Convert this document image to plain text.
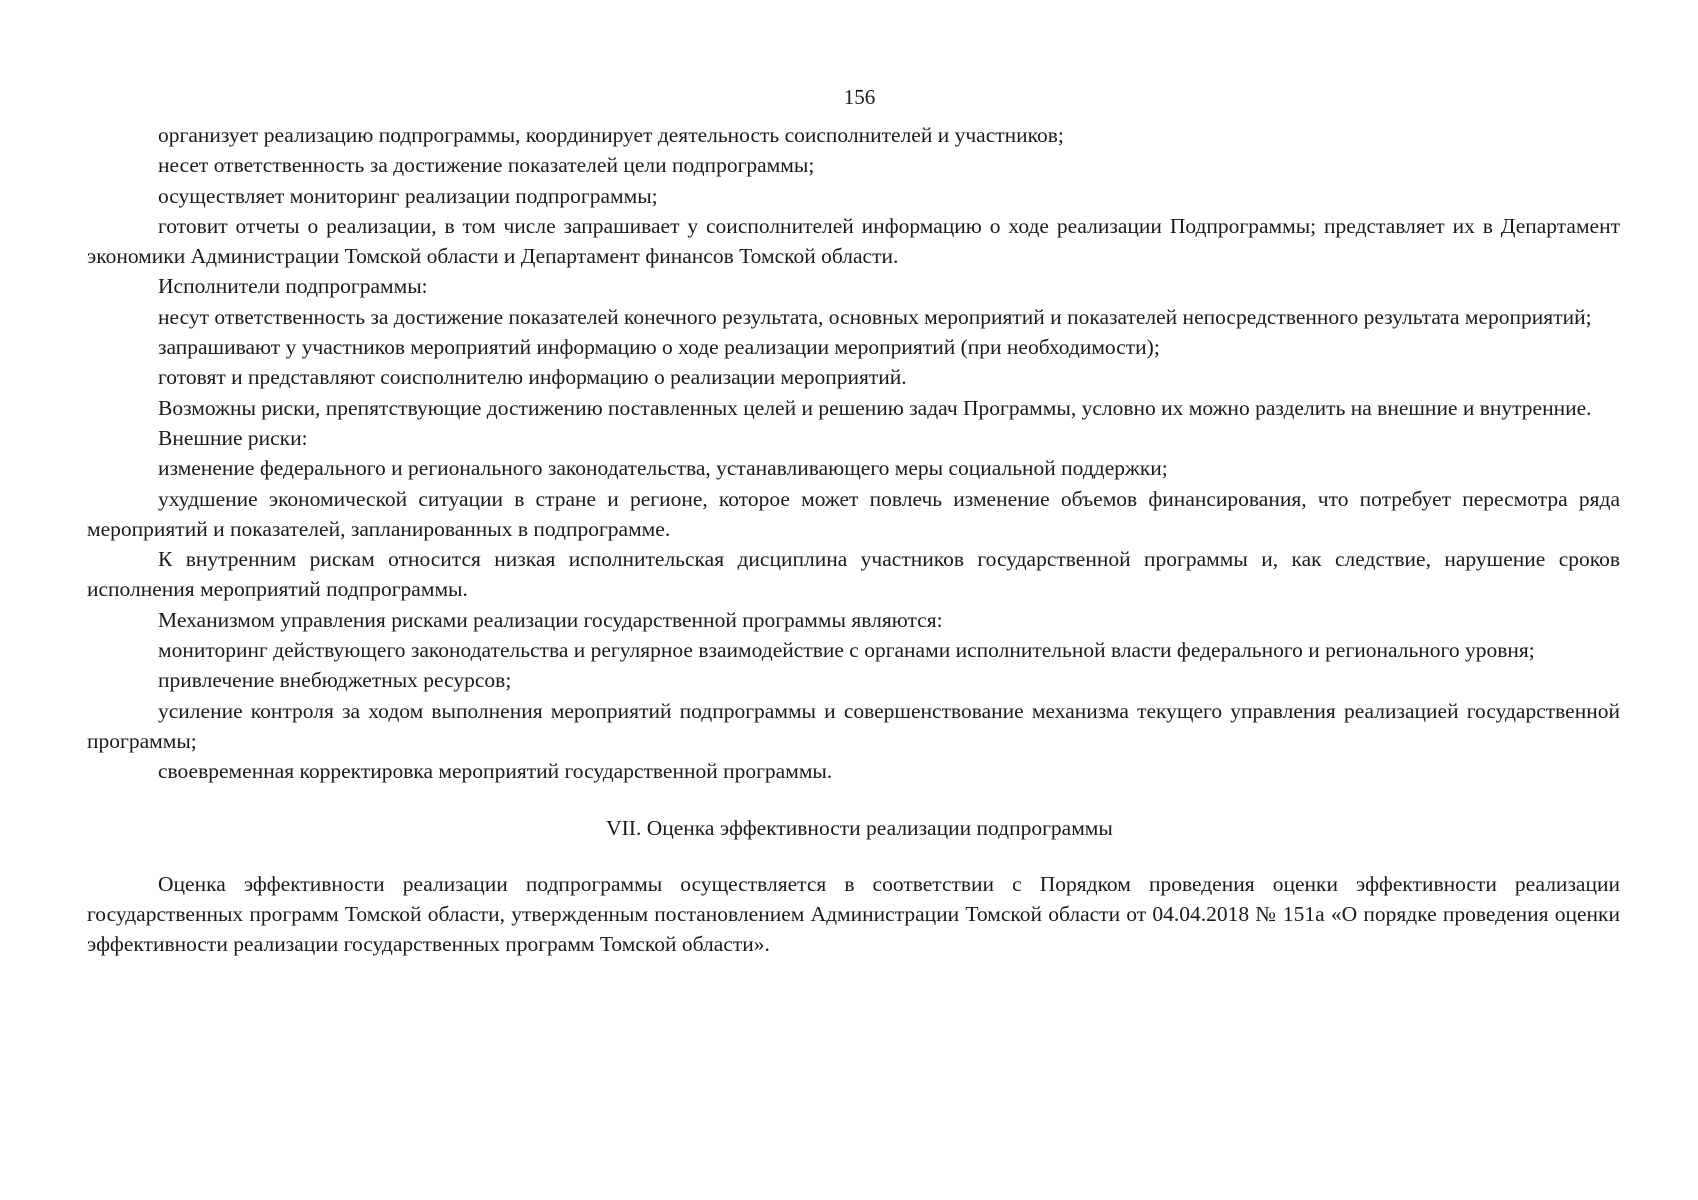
156

организует реализацию подпрограммы, координирует деятельность соисполнителей и участников;

несет ответственность за достижение показателей цели подпрограммы;

осуществляет мониторинг реализации подпрограммы;

готовит отчеты о реализации, в том числе запрашивает у соисполнителей информацию о ходе реализации Подпрограммы; представляет их в Департамент экономики Администрации Томской области и Департамент финансов Томской области.

Исполнители подпрограммы:

несут ответственность за достижение показателей конечного результата, основных мероприятий и показателей непосредственного результата мероприятий;

запрашивают у участников мероприятий информацию о ходе реализации мероприятий (при необходимости);

готовят и представляют соисполнителю информацию о реализации мероприятий.

Возможны риски, препятствующие достижению поставленных целей и решению задач Программы, условно их можно разделить на внешние и внутренние.

Внешние риски:

изменение федерального и регионального законодательства, устанавливающего меры социальной поддержки;

ухудшение экономической ситуации в стране и регионе, которое может повлечь изменение объемов финансирования, что потребует пересмотра ряда мероприятий и показателей, запланированных в подпрограмме.

К внутренним рискам относится низкая исполнительская дисциплина участников государственной программы и, как следствие, нарушение сроков исполнения мероприятий подпрограммы.

Механизмом управления рисками реализации государственной программы являются:

мониторинг действующего законодательства и регулярное взаимодействие с органами исполнительной власти федерального и регионального уровня;

привлечение внебюджетных ресурсов;

усиление контроля за ходом выполнения мероприятий подпрограммы и совершенствование механизма текущего управления реализацией государственной программы;

своевременная корректировка мероприятий государственной программы.

VII. Оценка эффективности реализации подпрограммы

Оценка эффективности реализации подпрограммы осуществляется в соответствии с Порядком проведения оценки эффективности реализации государственных программ Томской области, утвержденным постановлением Администрации Томской области от 04.04.2018 № 151а «О порядке проведения оценки эффективности реализации государственных программ Томской области».
